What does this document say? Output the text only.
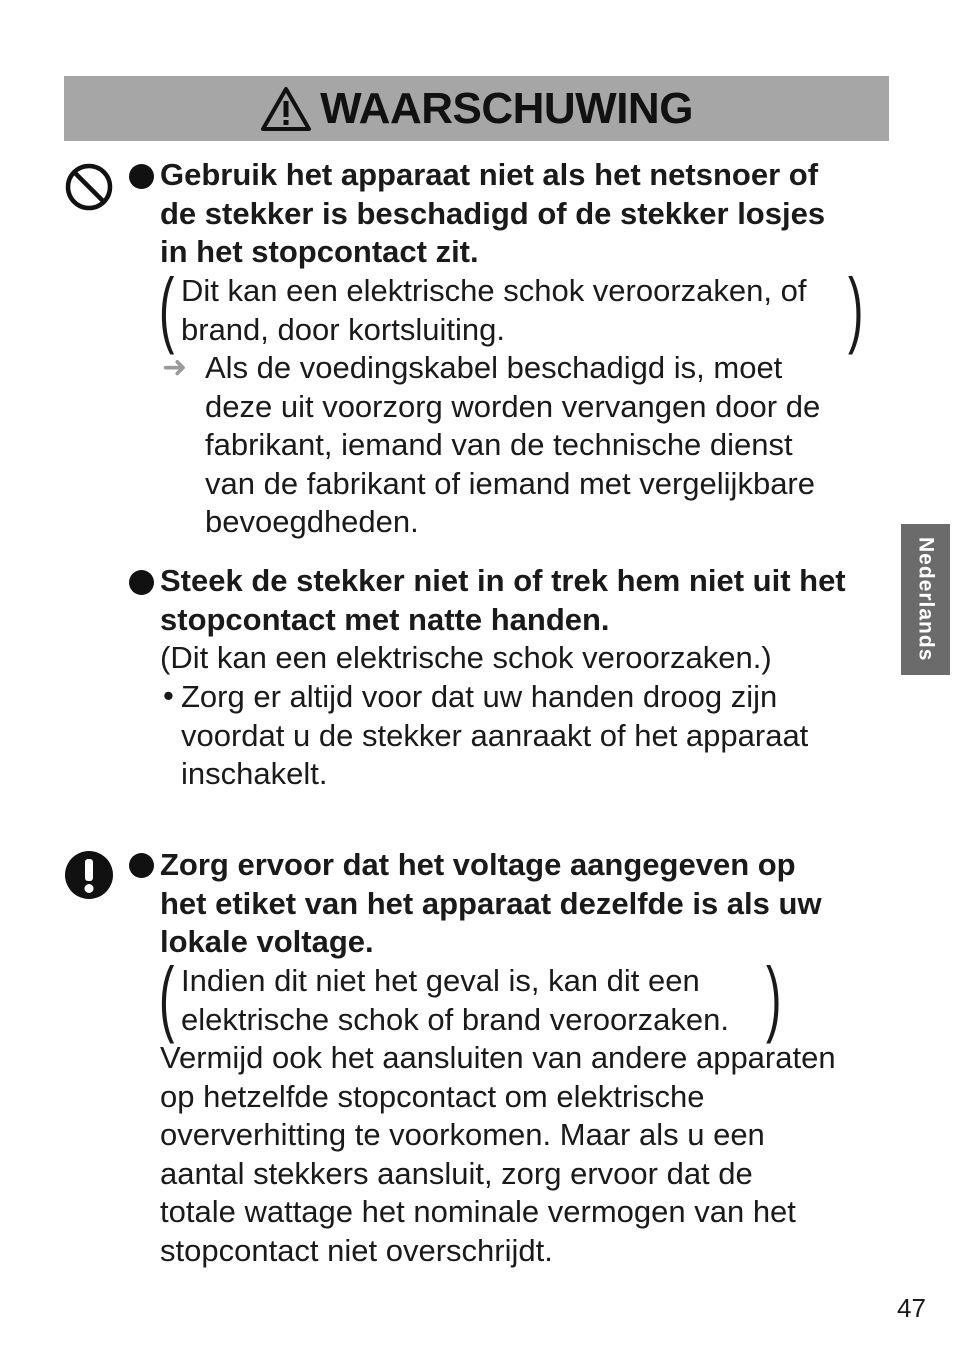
WAARSCHUWING
Nederlands
Gebruik het apparaat niet als het netsnoer of
de stekker is beschadigd of de stekker losjes
in het stopcontact zit.
( Dit kan een elektrische schok veroorzaken, of
brand, door kortsluiting.	)
➜ Als de voedingskabel beschadigd is, moet
deze uit voorzorg worden vervangen door de
fabrikant, iemand van de technische dienst
van de fabrikant of iemand met vergelijkbare
bevoegdheden.
Steek de stekker niet in of trek hem niet uit het
stopcontact met natte handen.
(Dit kan een elektrische schok veroorzaken.)
• Zorg er altijd voor dat uw handen droog zijn
voordat u de stekker aanraakt of het apparaat
inschakelt.
Zorg ervoor dat het voltage aangegeven op
het etiket van het apparaat dezelfde is als uw
lokale voltage.
( Indien dit niet het geval is, kan dit een
elektrische schok of brand veroorzaken. )
Vermijd ook het aansluiten van andere apparaten
op hetzelfde stopcontact om elektrische
oververhitting te voorkomen. Maar als u een
aantal stekkers aansluit, zorg ervoor dat de
totale wattage het nominale vermogen van het
stopcontact niet overschrijdt.
47
